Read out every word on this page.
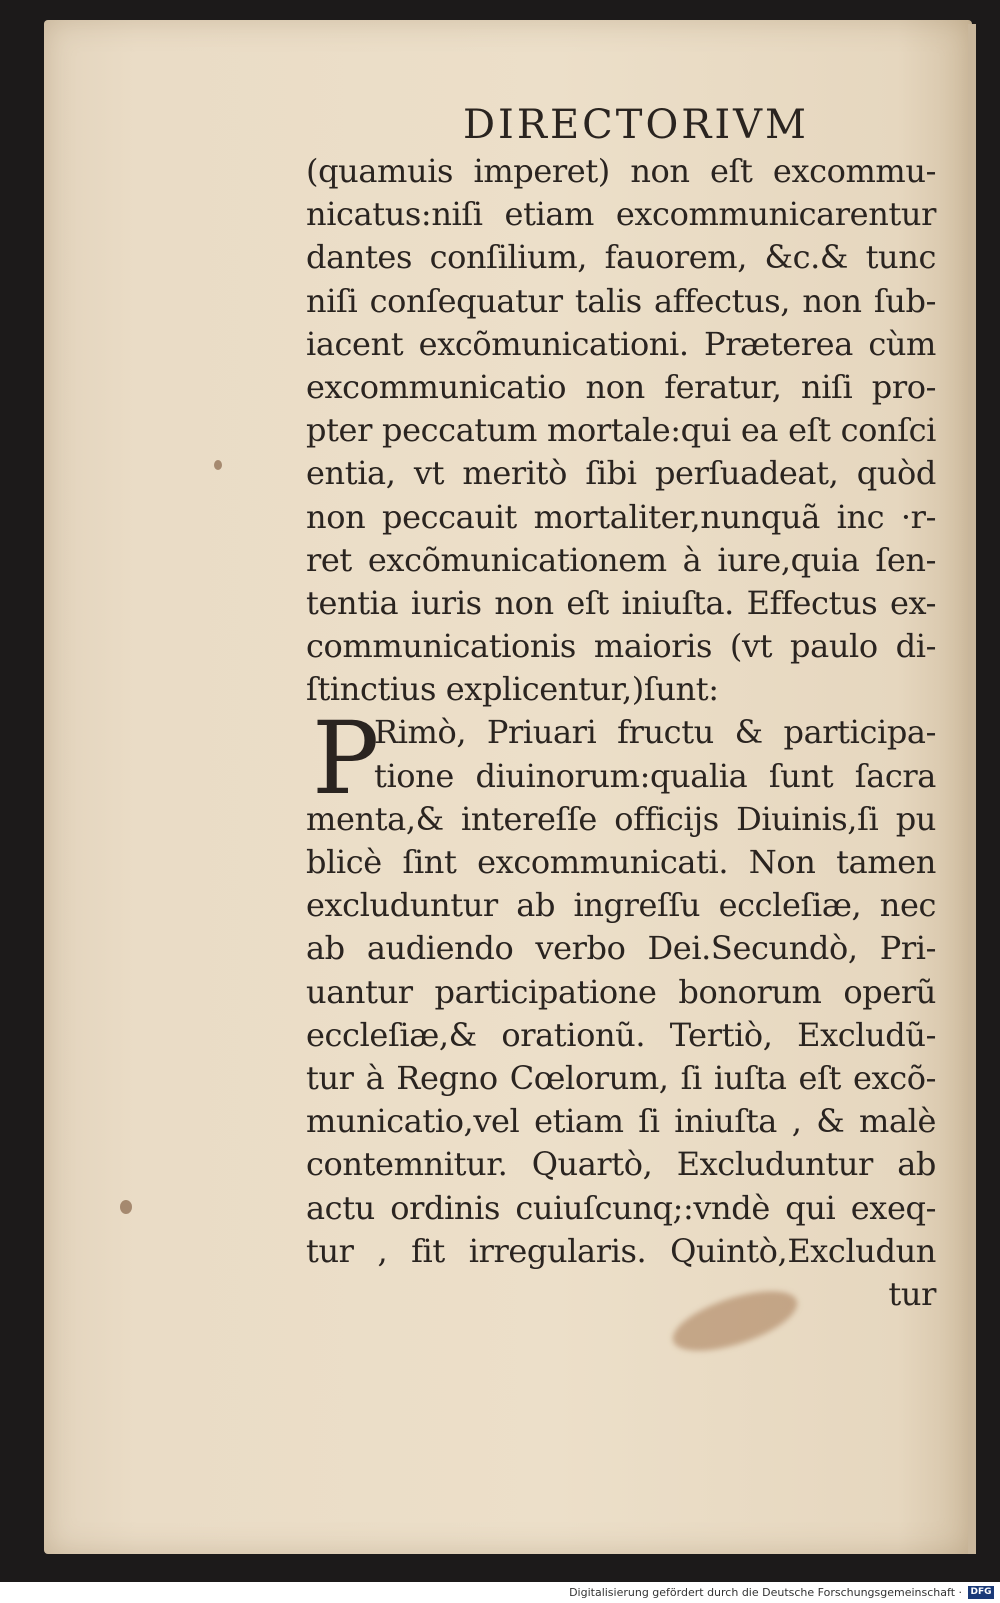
DIRECTORIVM
(quamuis imperet) non eſt excommu-
nicatus:niſi etiam excommunicarentur
dantes conſilium, fauorem, &c.& tunc
niſi conſequatur talis affectus, non ſub-
iacent excõmunicationi. Præterea cùm
excommunicatio non feratur, niſi pro-
pter peccatum mortale:qui ea eſt conſci
entia, vt meritò ſibi perſuadeat, quòd
non peccauit mortaliter,nunquã inc ·r-
ret excõmunicationem à iure,quia ſen-
tentia iuris non eſt iniuſta. Effectus ex-
communicationis maioris (vt paulo di-
ſtinctius explicentur,)ſunt:
P
Rimò, Priuari fructu & participa-
tione diuinorum:qualia ſunt ſacra
menta,& intereſſe officijs Diuinis,ſi pu
blicè ſint excommunicati. Non tamen
excluduntur ab ingreſſu eccleſiæ, nec
ab audiendo verbo Dei.Secundò, Pri-
uantur participatione bonorum operũ
eccleſiæ,& orationũ. Tertiò, Excludũ-
tur à Regno Cœlorum, ſi iuſta eſt excõ-
municatio,vel etiam ſi iniuſta , & malè
contemnitur. Quartò, Excluduntur ab
actu ordinis cuiuſcunq;:vndè qui exeq-
tur , fit irregularis. Quintò,Excludun
tur
Digitalisierung gefördert durch die Deutsche Forschungsgemeinschaft · DFG
